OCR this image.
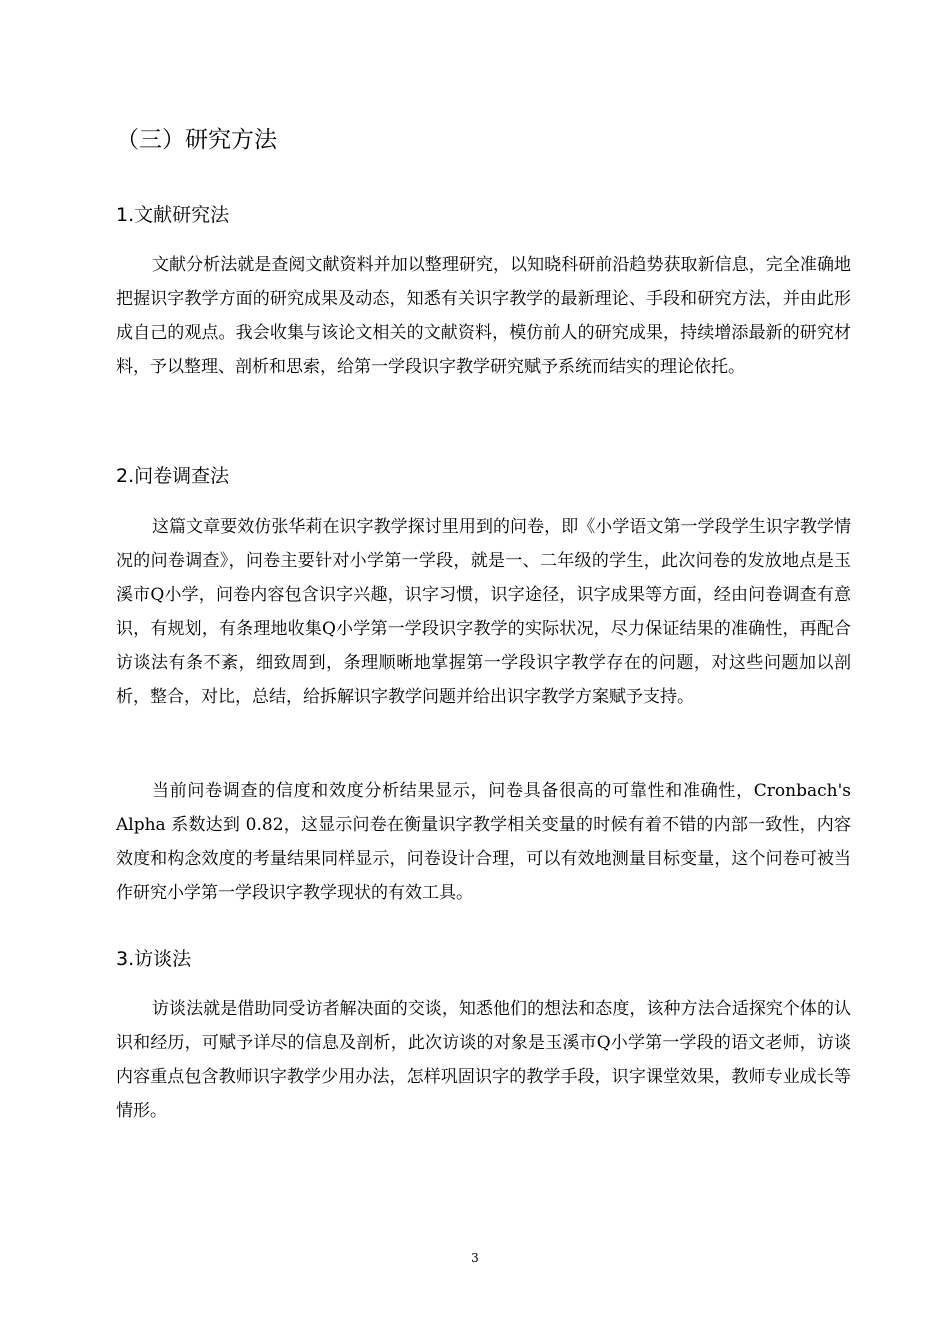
（三）研究方法
1.文献研究法

文献分析法就是查阅文献资料并加以整理研究，以知晓科研前沿趋势获取新信息，完全准确地把握识字教学方面的研究成果及动态，知悉有关识字教学的最新理论、手段和研究方法，并由此形成自己的观点。我会收集与该论文相关的文献资料，模仿前人的研究成果，持续增添最新的研究材料，予以整理、剖析和思索，给第一学段识字教学研究赋予系统而结实的理论依托。

2.问卷调查法

这篇文章要效仿张华莉在识字教学探讨里用到的问卷，即《小学语文第一学段学生识字教学情况的问卷调查》，问卷主要针对小学第一学段，就是一、二年级的学生，此次问卷的发放地点是玉溪市Q小学，问卷内容包含识字兴趣，识字习惯，识字途径，识字成果等方面，经由问卷调查有意识，有规划，有条理地收集Q小学第一学段识字教学的实际状况，尽力保证结果的准确性，再配合访谈法有条不紊，细致周到，条理顺晰地掌握第一学段识字教学存在的问题，对这些问题加以剖析，整合，对比，总结，给拆解识字教学问题并给出识字教学方案赋予支持。

当前问卷调查的信度和效度分析结果显示，问卷具备很高的可靠性和准确性，Cronbach's Alpha 系数达到 0.82，这显示问卷在衡量识字教学相关变量的时候有着不错的内部一致性，内容效度和构念效度的考量结果同样显示，问卷设计合理，可以有效地测量目标变量，这个问卷可被当作研究小学第一学段识字教学现状的有效工具。

3.访谈法

访谈法就是借助同受访者解决面的交谈，知悉他们的想法和态度，该种方法合适探究个体的认识和经历，可赋予详尽的信息及剖析，此次访谈的对象是玉溪市Q小学第一学段的语文老师，访谈内容重点包含教师识字教学少用办法，怎样巩固识字的教学手段，识字课堂效果，教师专业成长等情形。

3
